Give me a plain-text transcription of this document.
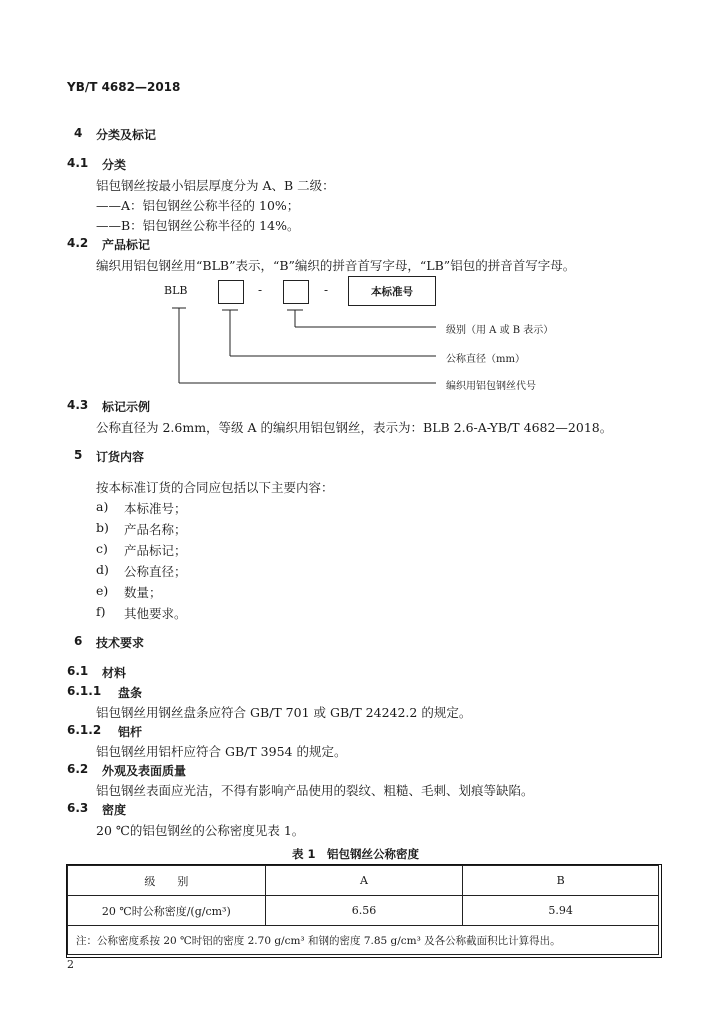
YB/T 4682—2018
4 分类及标记
4.1 分类
铝包钢丝按最小铝层厚度分为 A、B 二级：
——A：铝包钢丝公称半径的 10%；
——B：铝包钢丝公称半径的 14%。
4.2 产品标记
编织用铝包钢丝用“BLB”表示，“B”编织的拼音首写字母，“LB”铝包的拼音首写字母。
BLB	-	-	本标准号
级别（用 A 或 B 表示）
公称直径（mm）
编织用铝包钢丝代号
4.3 标记示例
公称直径为 2.6mm，等级 A 的编织用铝包钢丝，表示为：BLB 2.6-A-YB/T 4682—2018。
5 订货内容
按本标准订货的合同应包括以下主要内容：
a) 本标准号；
b) 产品名称；
c) 产品标记；
d) 公称直径；
e) 数量；
f) 其他要求。
6 技术要求
6.1 材料
6.1.1 盘条
铝包钢丝用钢丝盘条应符合 GB/T 701 或 GB/T 24242.2 的规定。
6.1.2 铝杆
铝包钢丝用铝杆应符合 GB/T 3954 的规定。
6.2 外观及表面质量
铝包钢丝表面应光洁，不得有影响产品使用的裂纹、粗糙、毛刺、划痕等缺陷。
6.3 密度
20 ℃的铝包钢丝的公称密度见表 1。
表 1　铝包钢丝公称密度
级　　别	A	B
20 ℃时公称密度/(g/cm³)	6.56	5.94
注：公称密度系按 20 ℃时铝的密度 2.70 g/cm³ 和钢的密度 7.85 g/cm³ 及各公称截面积比计算得出。		
2
